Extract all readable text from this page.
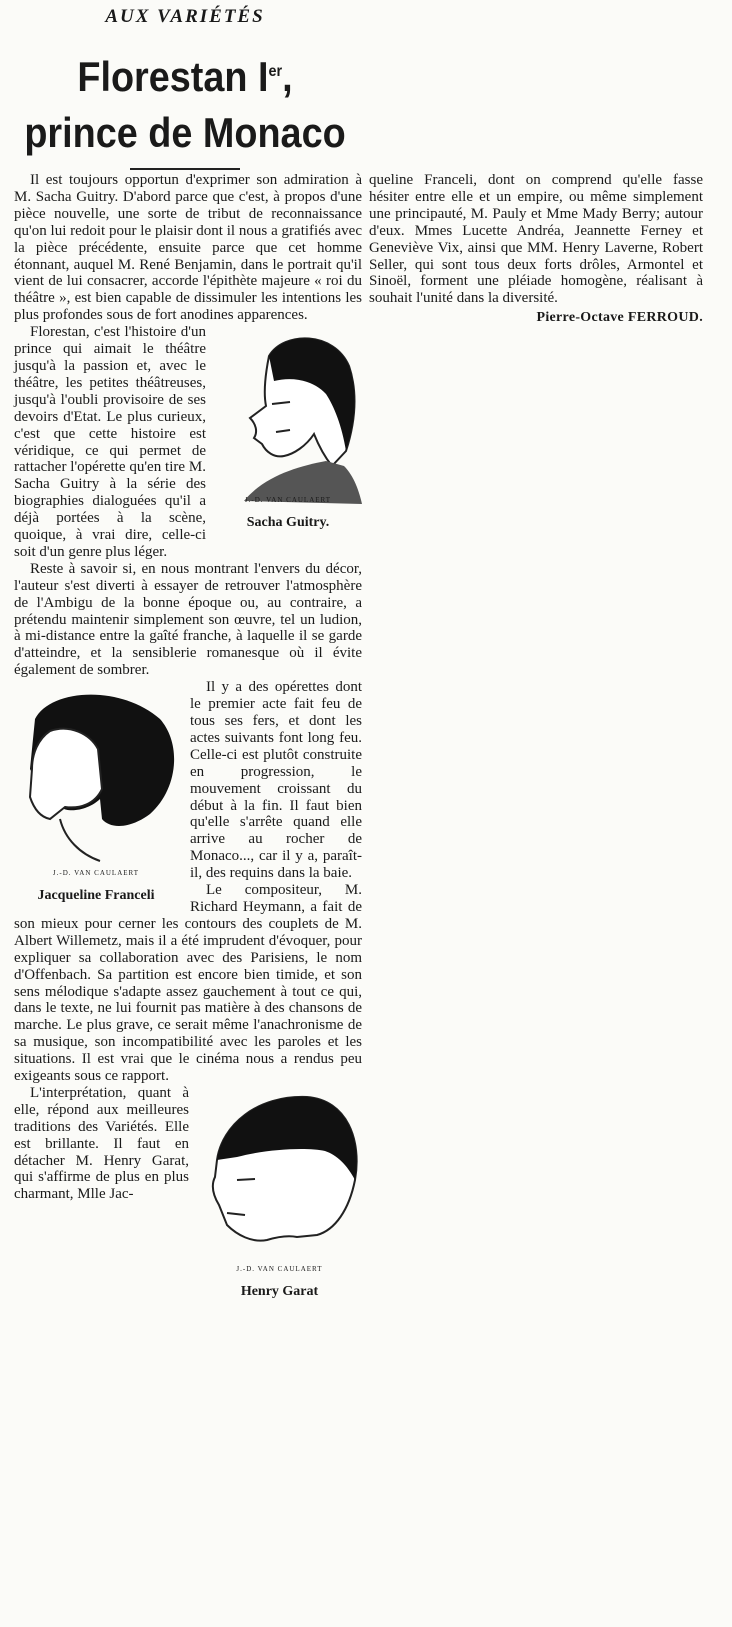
AUX VARIÉTÉS
Florestan Ier,
prince de Monaco

Il est toujours opportun d'exprimer son admiration à M. Sacha Guitry. D'abord parce que c'est, à propos d'une pièce nouvelle, une sorte de tribut de reconnaissance qu'on lui redoit pour le plaisir dont il nous a gratifiés avec la pièce précédente, ensuite parce que cet homme étonnant, auquel M. René Benjamin, dans le portrait qu'il vient de lui consacrer, accorde l'épithète majeure « roi du théâtre », est bien capable de dissimuler les intentions les plus profondes sous de fort anodines apparences.

J.-D. VAN CAULAERT
Sacha Guitry.

Florestan, c'est l'histoire d'un prince qui aimait le théâtre jusqu'à la passion et, avec le théâtre, les petites théâtreuses, jusqu'à l'oubli provisoire de ses devoirs d'Etat. Le plus curieux, c'est que cette histoire est véridique, ce qui permet de rattacher l'opérette qu'en tire M. Sacha Guitry à la série des biographies dialoguées qu'il a déjà portées à la scène, quoique, à vrai dire, celle-ci soit d'un genre plus léger.

Reste à savoir si, en nous montrant l'envers du décor, l'auteur s'est diverti à essayer de retrouver l'atmosphère de l'Ambigu de la bonne époque ou, au contraire, a prétendu maintenir simplement son œuvre, tel un ludion, à mi-distance entre la gaîté franche, à laquelle il se garde d'atteindre, et la sensiblerie romanesque où il évite également de sombrer.

J.-D. VAN CAULAERT
Jacqueline Franceli

Il y a des opérettes dont le premier acte fait feu de tous ses fers, et dont les actes suivants font long feu. Celle-ci est plutôt construite en progression, le mouvement croissant du début à la fin. Il faut bien qu'elle s'arrête quand elle arrive au rocher de Monaco..., car il y a, paraît-il, des requins dans la baie.

Le compositeur, M. Richard Heymann, a fait de son mieux pour cerner les contours des couplets de M. Albert Willemetz, mais il a été imprudent d'évoquer, pour expliquer sa collaboration avec des Parisiens, le nom d'Offenbach. Sa partition est encore bien timide, et son sens mélodique s'adapte assez gauchement à tout ce qui, dans le texte, ne lui fournit pas matière à des chansons de marche. Le plus grave, ce serait même l'anachronisme de sa musique, son incompatibilité avec les paroles et les situations. Il est vrai que le cinéma nous a rendus peu exigeants sous ce rapport.

J.-D. VAN CAULAERT
Henry Garat

L'interprétation, quant à elle, répond aux meilleures traditions des Variétés. Elle est brillante. Il faut en détacher M. Henry Garat, qui s'affirme de plus en plus charmant, Mlle Jac-

queline Franceli, dont on comprend qu'elle fasse hésiter entre elle et un empire, ou même simplement une principauté, M. Pauly et Mme Mady Berry; autour d'eux. Mmes Lucette Andréa, Jeannette Ferney et Geneviève Vix, ainsi que MM. Henry Laverne, Robert Seller, qui sont tous deux forts drôles, Armontel et Sinoël, forment une pléiade homogène, réalisant à souhait l'unité dans la diversité.

Pierre-Octave FERROUD.
